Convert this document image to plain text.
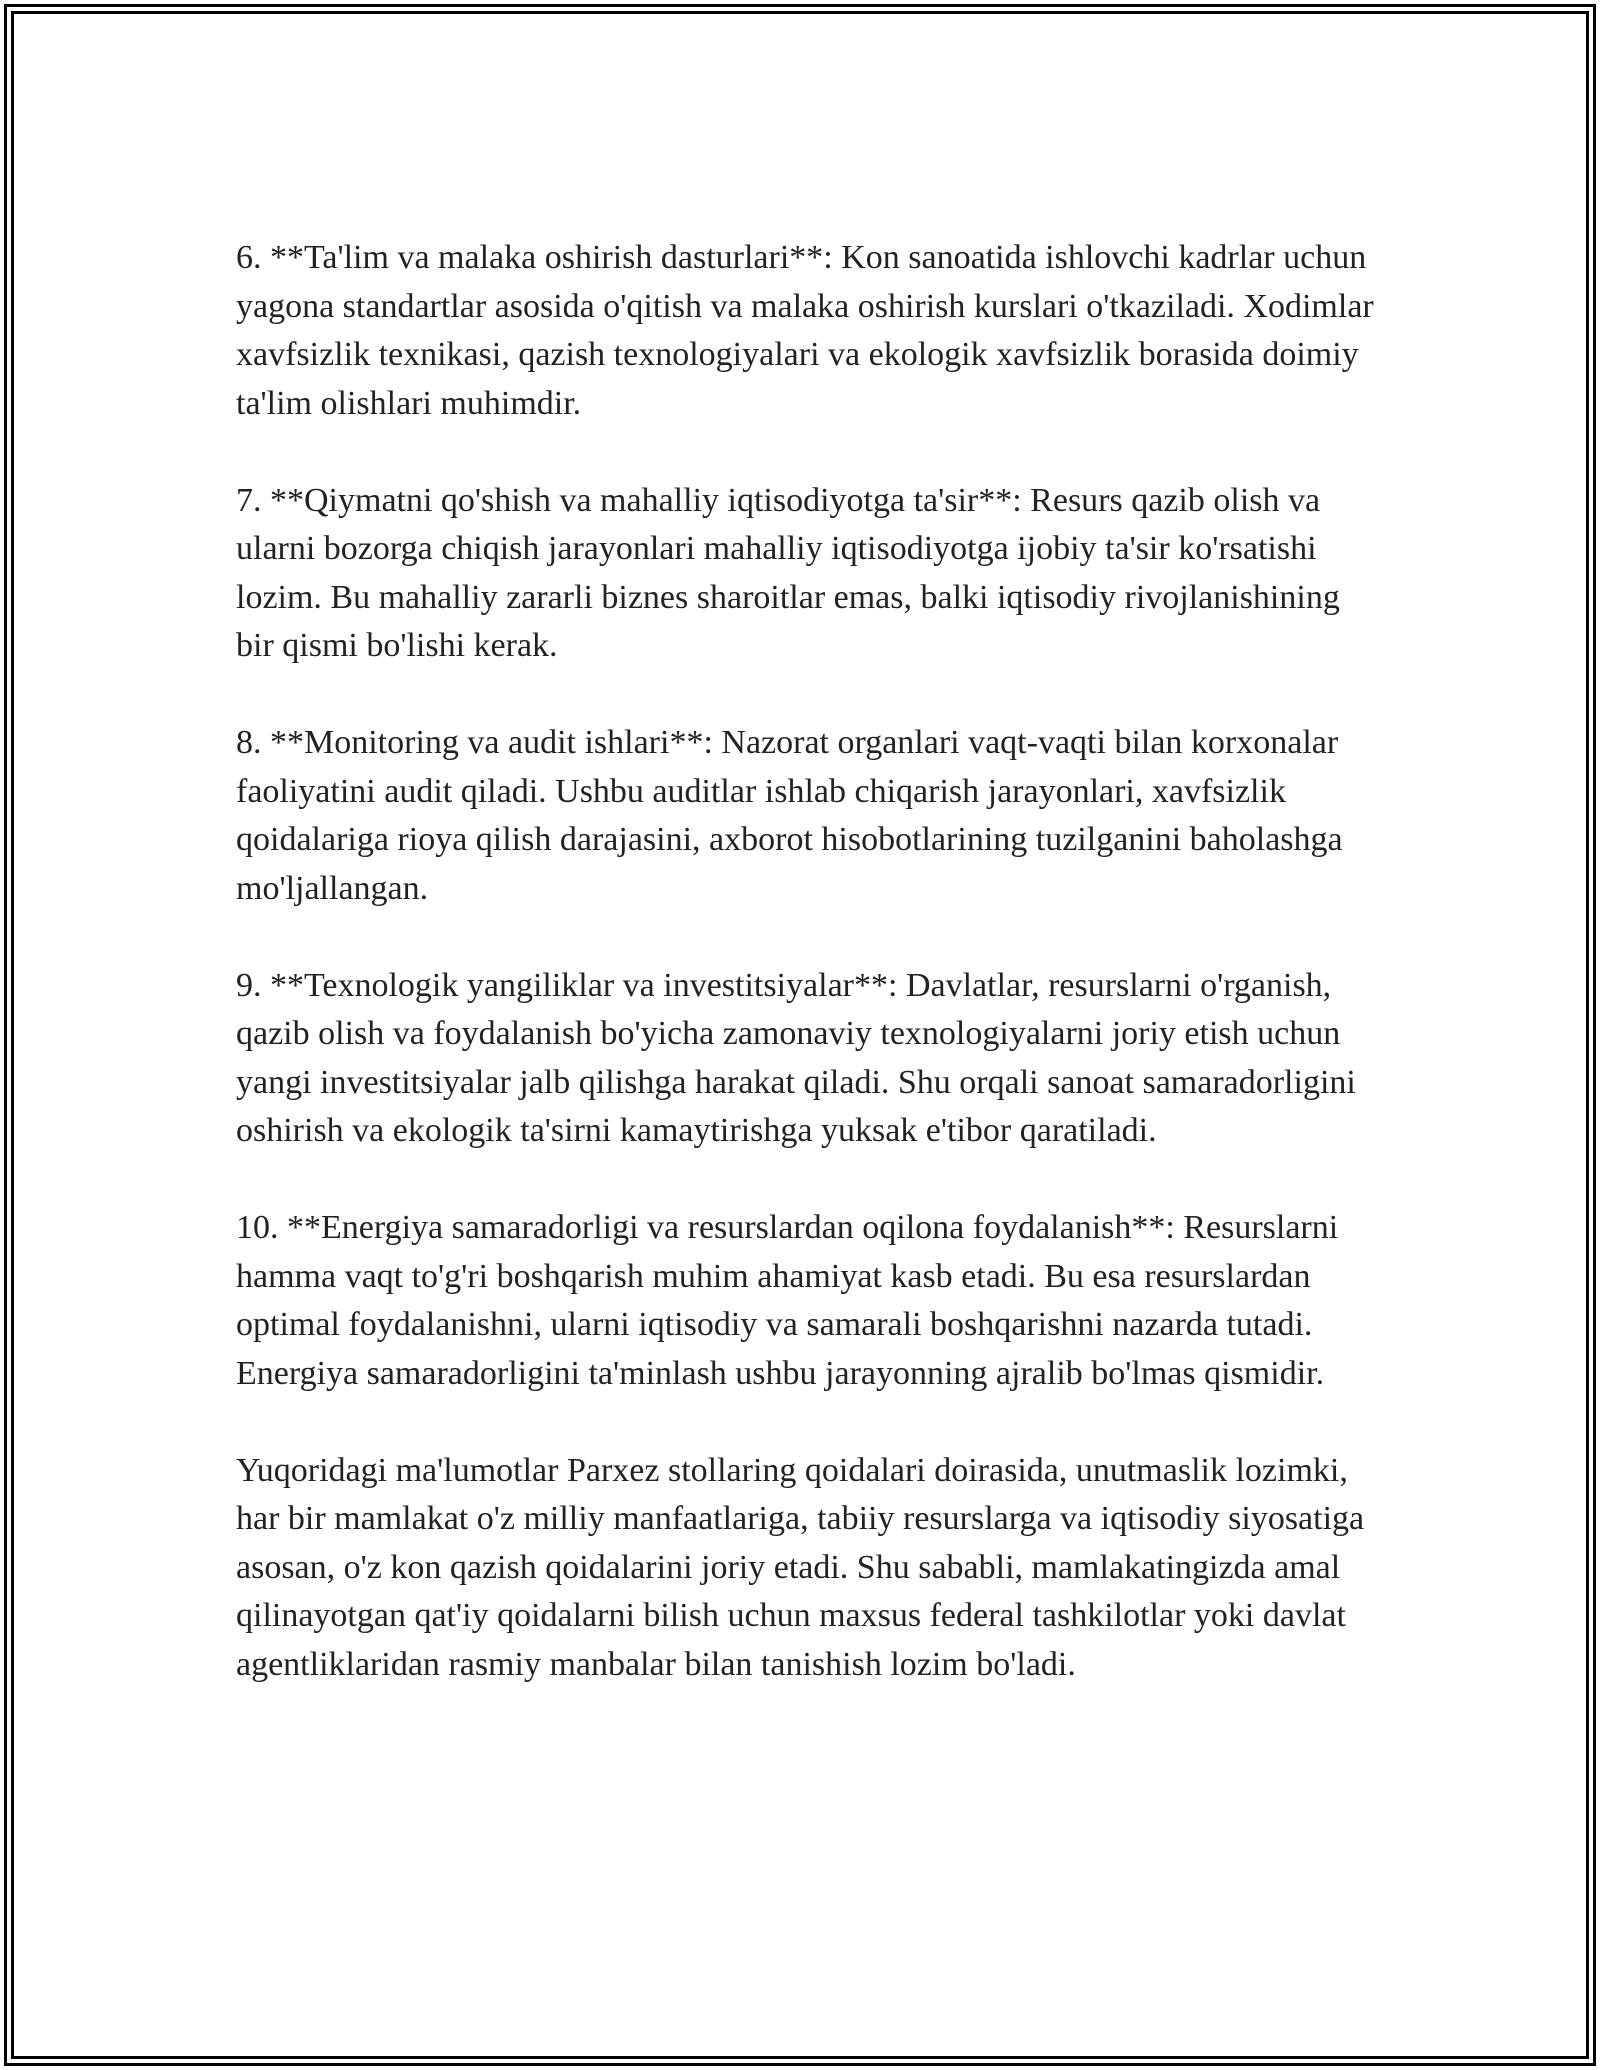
6. **Ta'lim va malaka oshirish dasturlari**: Kon sanoatida ishlovchi kadrlar uchun yagona standartlar asosida o'qitish va malaka oshirish kurslari o'tkaziladi. Xodimlar xavfsizlik texnikasi, qazish texnologiyalari va ekologik xavfsizlik borasida doimiy ta'lim olishlari muhimdir.

7. **Qiymatni qo'shish va mahalliy iqtisodiyotga ta'sir**: Resurs qazib olish va ularni bozorga chiqish jarayonlari mahalliy iqtisodiyotga ijobiy ta'sir ko'rsatishi lozim. Bu mahalliy zararli biznes sharoitlar emas, balki iqtisodiy rivojlanishining bir qismi bo'lishi kerak.

8. **Monitoring va audit ishlari**: Nazorat organlari vaqt-vaqti bilan korxonalar faoliyatini audit qiladi. Ushbu auditlar ishlab chiqarish jarayonlari, xavfsizlik qoidalariga rioya qilish darajasini, axborot hisobotlarining tuzilganini baholashga mo'ljallangan.

9. **Texnologik yangiliklar va investitsiyalar**: Davlatlar, resurslarni o'rganish, qazib olish va foydalanish bo'yicha zamonaviy texnologiyalarni joriy etish uchun yangi investitsiyalar jalb qilishga harakat qiladi. Shu orqali sanoat samaradorligini oshirish va ekologik ta'sirni kamaytirishga yuksak e'tibor qaratiladi.

10. **Energiya samaradorligi va resurslardan oqilona foydalanish**: Resurslarni hamma vaqt to'g'ri boshqarish muhim ahamiyat kasb etadi. Bu esa resurslardan optimal foydalanishni, ularni iqtisodiy va samarali boshqarishni nazarda tutadi. Energiya samaradorligini ta'minlash ushbu jarayonning ajralib bo'lmas qismidir.

Yuqoridagi ma'lumotlar Parxez stollaring qoidalari doirasida, unutmaslik lozimki, har bir mamlakat o'z milliy manfaatlariga, tabiiy resurslarga va iqtisodiy siyosatiga asosan, o'z kon qazish qoidalarini joriy etadi. Shu sababli, mamlakatingizda amal qilinayotgan qat'iy qoidalarni bilish uchun maxsus federal tashkilotlar yoki davlat agentliklaridan rasmiy manbalar bilan tanishish lozim bo'ladi.
